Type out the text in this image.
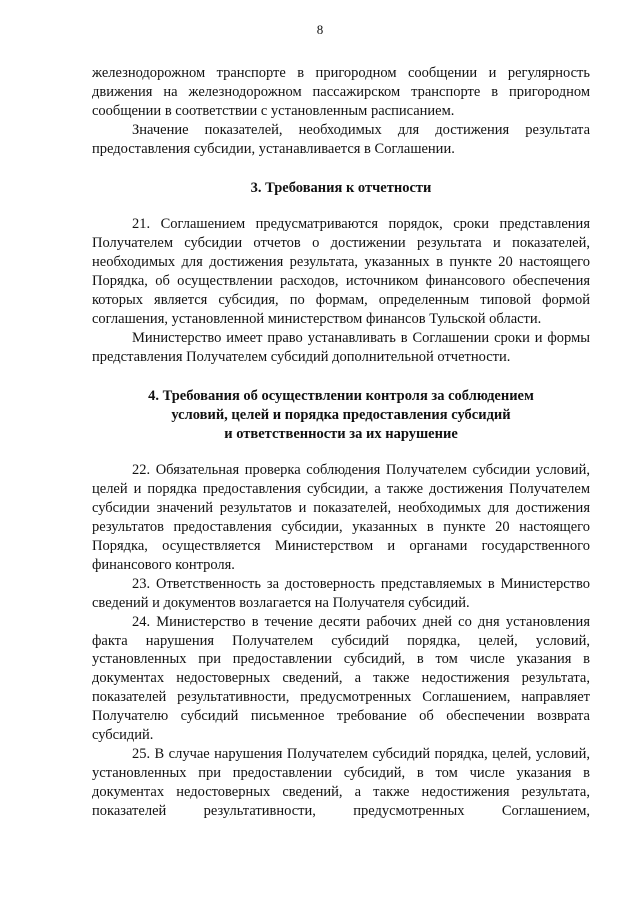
8

железнодорожном транспорте в пригородном сообщении и регулярность движения на железнодорожном пассажирском транспорте в пригородном сообщении в соответствии с установленным расписанием.

Значение показателей, необходимых для достижения результата предоставления субсидии, устанавливается в Соглашении.

3. Требования к отчетности

21. Соглашением предусматриваются порядок, сроки представления Получателем субсидии отчетов о достижении результата и показателей, необходимых для достижения результата, указанных в пункте 20 настоящего Порядка, об осуществлении расходов, источником финансового обеспечения которых является субсидия, по формам, определенным типовой формой соглашения, установленной министерством финансов Тульской области.

Министерство имеет право устанавливать в Соглашении сроки и формы представления Получателем субсидий дополнительной отчетности.

4. Требования об осуществлении контроля за соблюдением
условий, целей и порядка предоставления субсидий
и ответственности за их нарушение

22. Обязательная проверка соблюдения Получателем субсидии условий, целей и порядка предоставления субсидии, а также достижения Получателем субсидии значений результатов и показателей, необходимых для достижения результатов предоставления субсидии, указанных в пункте 20 настоящего Порядка, осуществляется Министерством и органами государственного финансового контроля.

23. Ответственность за достоверность представляемых в Министерство сведений и документов возлагается на Получателя субсидий.

24. Министерство в течение десяти рабочих дней со дня установления факта нарушения Получателем субсидий порядка, целей, условий, установленных при предоставлении субсидий, в том числе указания в документах недостоверных сведений, а также недостижения результата, показателей результативности, предусмотренных Соглашением, направляет Получателю субсидий письменное требование об обеспечении возврата субсидий.

25. В случае нарушения Получателем субсидий порядка, целей, условий, установленных при предоставлении субсидий, в том числе указания в документах недостоверных сведений, а также недостижения результата, показателей результативности, предусмотренных Соглашением,
